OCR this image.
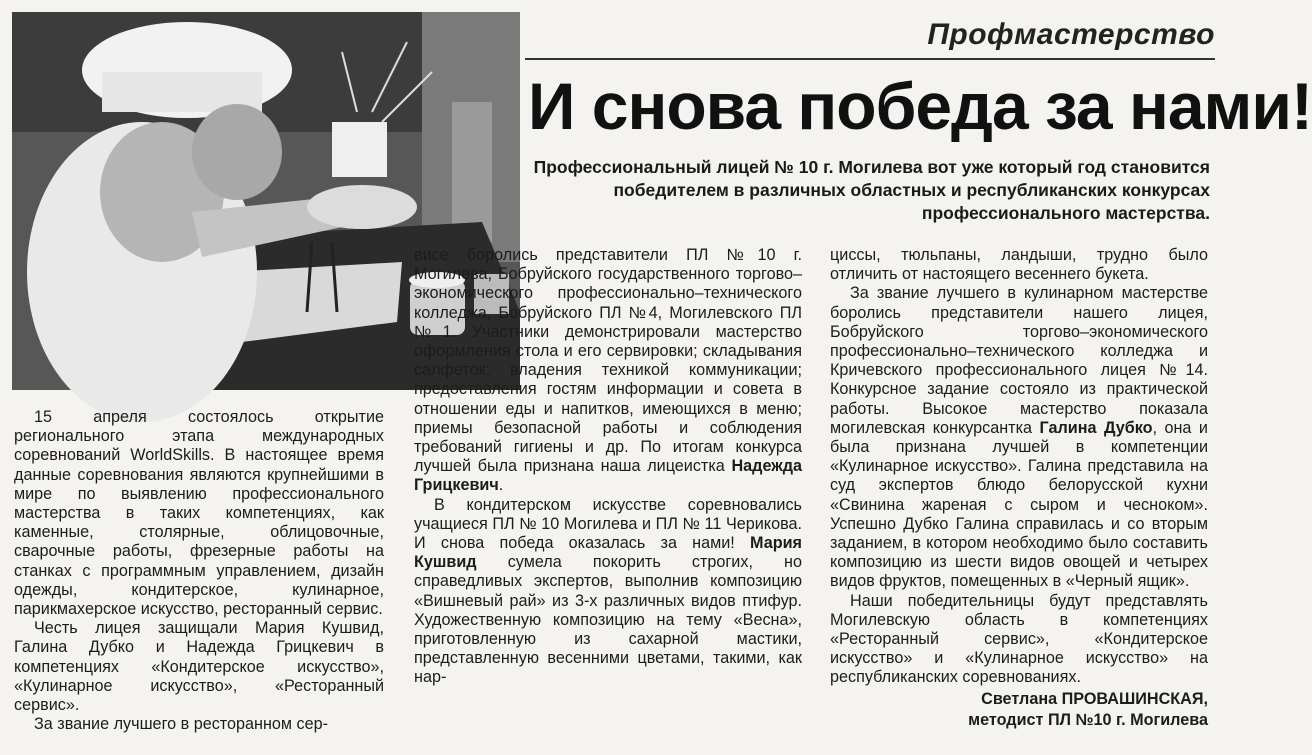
Профмастерство
И снова победа за нами!
Профессиональный лицей № 10 г. Могилева вот уже который год становится победителем в различных областных и республиканских конкурсах профессионального мастерства.

15 апреля состоялось открытие регионального этапа международных соревнований WorldSkills. В настоящее время данные соревнования являются крупнейшими в мире по выявлению профессионального мастерства в таких компетенциях, как каменные, столярные, облицовочные, сварочные работы, фрезерные работы на станках с программным управлением, дизайн одежды, кондитерское, кулинарное, парикмахерское искусство, ресторанный сервис.

Честь лицея защищали Мария Кушвид, Галина Дубко и Надежда Грицкевич в компетенциях «Кондитерское искусство», «Кулинарное искусство», «Ресторанный сервис».

За звание лучшего в ресторанном сер-

висе боролись представители ПЛ №10 г. Могилева, Бобруйского государственного торгово–экономического профессионально–технического колледжа, Бобруйского ПЛ №4, Могилевского ПЛ №1. Участники демонстрировали мастерство оформления стола и его сервировки; складывания салфеток; владения техникой коммуникации; предоставления гостям информации и совета в отношении еды и напитков, имеющихся в меню; приемы безопасной работы и соблюдения требований гигиены и др. По итогам конкурса лучшей была признана наша лицеистка Надежда Грицкевич.

В кондитерском искусстве соревновались учащиеся ПЛ № 10 Могилева и ПЛ № 11 Черикова. И снова победа оказалась за нами! Мария Кушвид сумела покорить строгих, но справедливых экспертов, выполнив композицию «Вишневый рай» из 3-х различных видов птифур. Художественную композицию на тему «Весна», приготовленную из сахарной мастики, представленную весенними цветами, такими, как нар-

циссы, тюльпаны, ландыши, трудно было отличить от настоящего весеннего букета.

За звание лучшего в кулинарном мастерстве боролись представители нашего лицея, Бобруйского торгово–экономического профессионально–технического колледжа и Кричевского профессионального лицея №14. Конкурсное задание состояло из практической работы. Высокое мастерство показала могилевская конкурсантка Галина Дубко, она и была признана лучшей в компетенции «Кулинарное искусство». Галина представила на суд экспертов блюдо белорусской кухни «Свинина жареная с сыром и чесноком». Успешно Дубко Галина справилась и со вторым заданием, в котором необходимо было составить композицию из шести видов овощей и четырех видов фруктов, помещенных в «Черный ящик».

Наши победительницы будут представлять Могилевскую область в компетенциях «Ресторанный сервис», «Кондитерское искусство» и «Кулинарное искусство» на республиканских соревнованиях.

Светлана ПРОВАШИНСКАЯ,
методист ПЛ №10 г. Могилева
